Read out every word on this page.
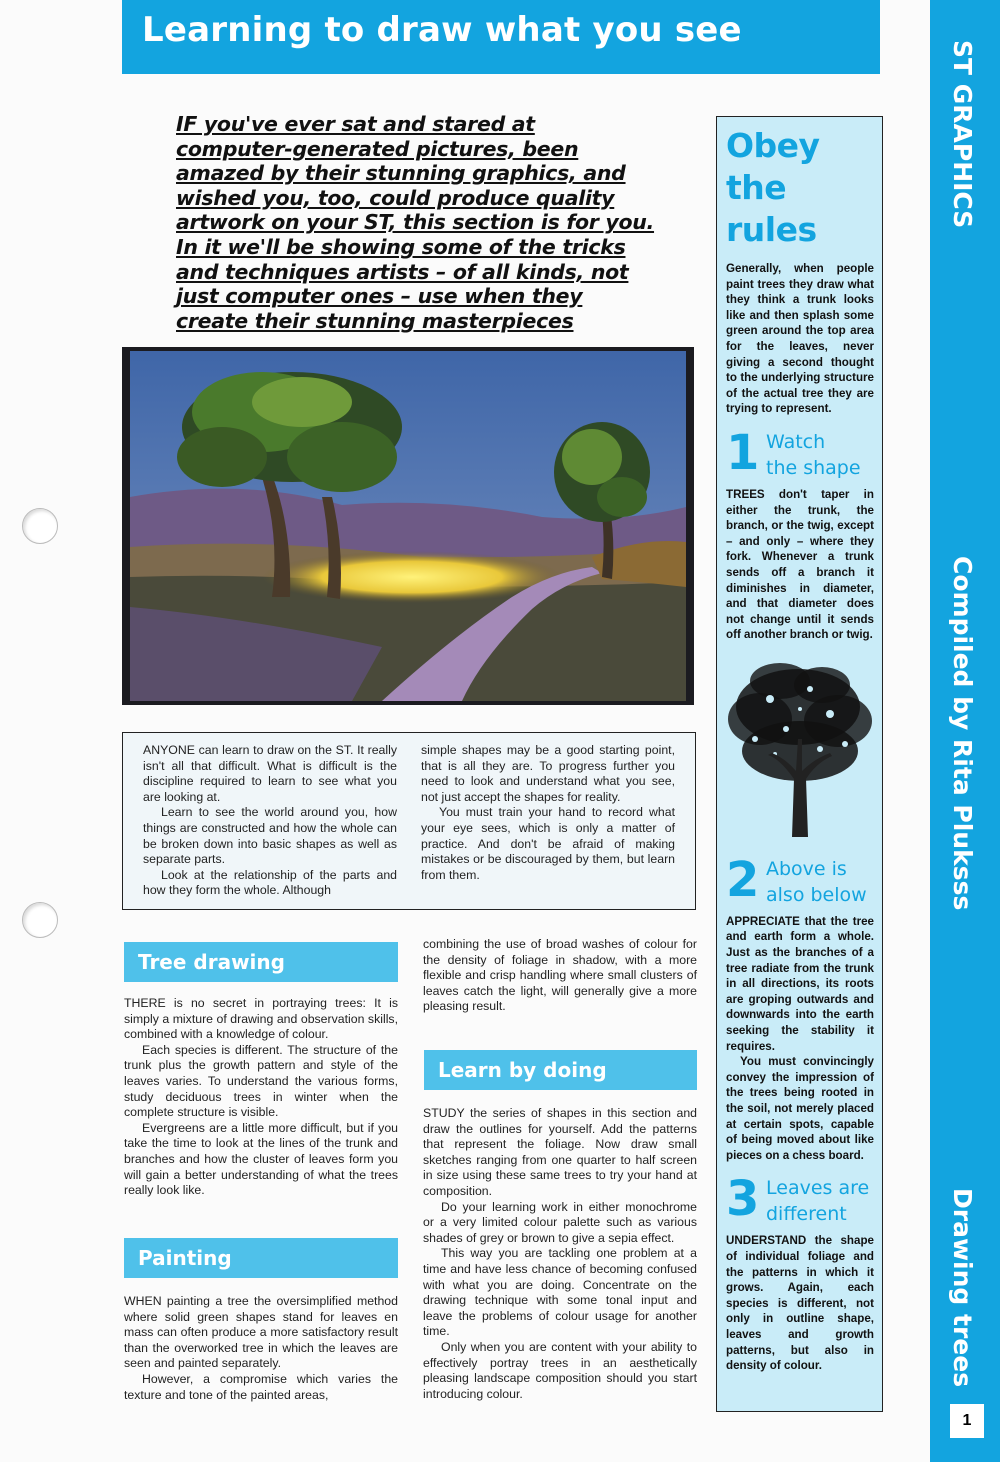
Learning to draw what you see
ST GRAPHICS
Compiled by Rita Pluksss
Drawing trees
1
IF you've ever sat and stared at computer-generated pictures, been amazed by their stunning graphics, and wished you, too, could produce quality artwork on your ST, this section is for you. In it we'll be showing some of the tricks and techniques artists – of all kinds, not just computer ones – use when they create their stunning masterpieces

ANYONE can learn to draw on the ST. It really isn't all that difficult. What is difficult is the discipline required to learn to see what you are looking at.

Learn to see the world around you, how things are constructed and how the whole can be broken down into basic shapes as well as separate parts.

Look at the relationship of the parts and how they form the whole. Although

simple shapes may be a good starting point, that is all they are. To progress further you need to look and understand what you see, not just accept the shapes for reality.

You must train your hand to record what your eye sees, which is only a matter of practice. And don't be afraid of making mistakes or be discouraged by them, but learn from them.

Tree drawing

THERE is no secret in portraying trees: It is simply a mixture of drawing and observation skills, combined with a knowledge of colour.

Each species is different. The structure of the trunk plus the growth pattern and style of the leaves varies. To understand the various forms, study deciduous trees in winter when the complete structure is visible.

Evergreens are a little more difficult, but if you take the time to look at the lines of the trunk and branches and how the cluster of leaves form you will gain a better understanding of what the trees really look like.

Painting

WHEN painting a tree the oversimplified method where solid green shapes stand for leaves en mass can often produce a more satisfactory result than the overworked tree in which the leaves are seen and painted separately.

However, a compromise which varies the texture and tone of the painted areas,

combining the use of broad washes of colour for the density of foliage in shadow, with a more flexible and crisp handling where small clusters of leaves catch the light, will generally give a more pleasing result.

Learn by doing

STUDY the series of shapes in this section and draw the outlines for yourself. Add the patterns that represent the foliage. Now draw small sketches ranging from one quarter to half screen in size using these same trees to try your hand at composition.

Do your learning work in either monochrome or a very limited colour palette such as various shades of grey or brown to give a sepia effect.

This way you are tackling one problem at a time and have less chance of becoming confused with what you are doing. Concentrate on the drawing technique with some tonal input and leave the problems of colour usage for another time.

Only when you are content with your ability to effectively portray trees in an aesthetically pleasing landscape composition should you start introducing colour.

Obey
the rules

Generally, when people paint trees they draw what they think a trunk looks like and then splash some green around the top area for the leaves, never giving a second thought to the underlying structure of the actual tree they are trying to represent.

1 Watch
the shape

TREES don't taper in either the trunk, the branch, or the twig, except – and only – where they fork. Whenever a trunk sends off a branch it diminishes in diameter, and that diameter does not change until it sends off another branch or twig.

2 Above is
also below

APPRECIATE that the tree and earth form a whole. Just as the branches of a tree radiate from the trunk in all directions, its roots are groping outwards and downwards into the earth seeking the stability it requires.

You must convincingly convey the impression of the trees being rooted in the soil, not merely placed at certain spots, capable of being moved about like pieces on a chess board.

3 Leaves are
different

UNDERSTAND the shape of individual foliage and the patterns in which it grows. Again, each species is different, not only in outline shape, leaves and growth patterns, but also in density of colour.
